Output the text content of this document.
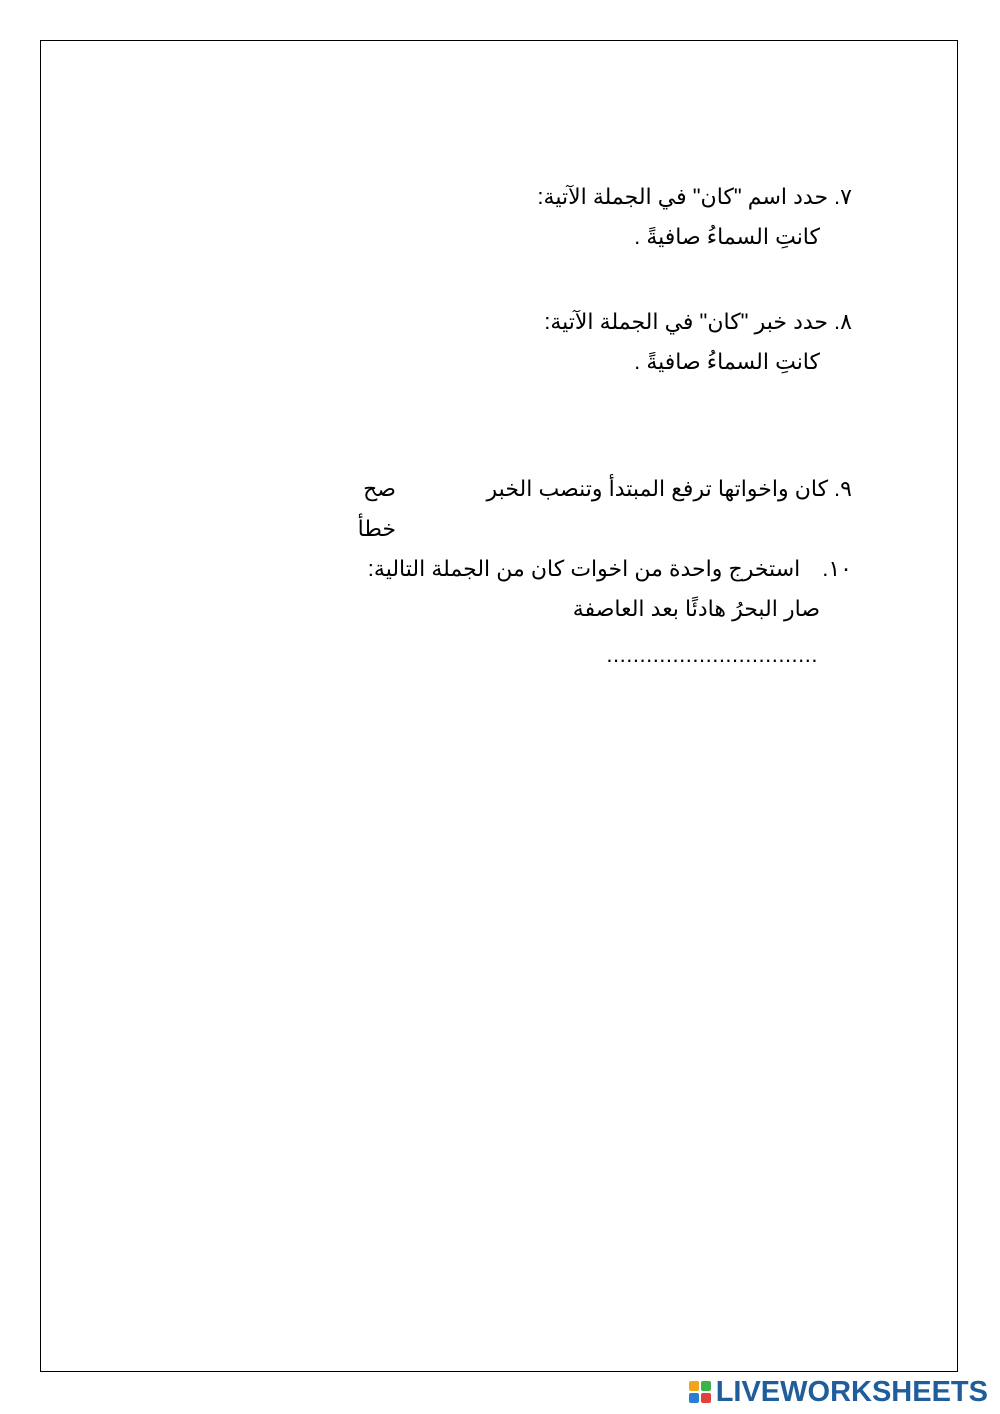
٧.حدد اسم "كان" في الجملة الآتية:
كانتِ السماءُ صافيةً .
٨.حدد خبر "كان" في الجملة الآتية:
كانتِ السماءُ صافيةً .
٩.كان واخواتها ترفع المبتدأ وتنصب الخبر
صح
خطأ
١٠.استخرج واحدة من اخوات كان من الجملة التالية:
صار البحرُ هادئًا بعد العاصفة
................................
LIVEWORKSHEETS
